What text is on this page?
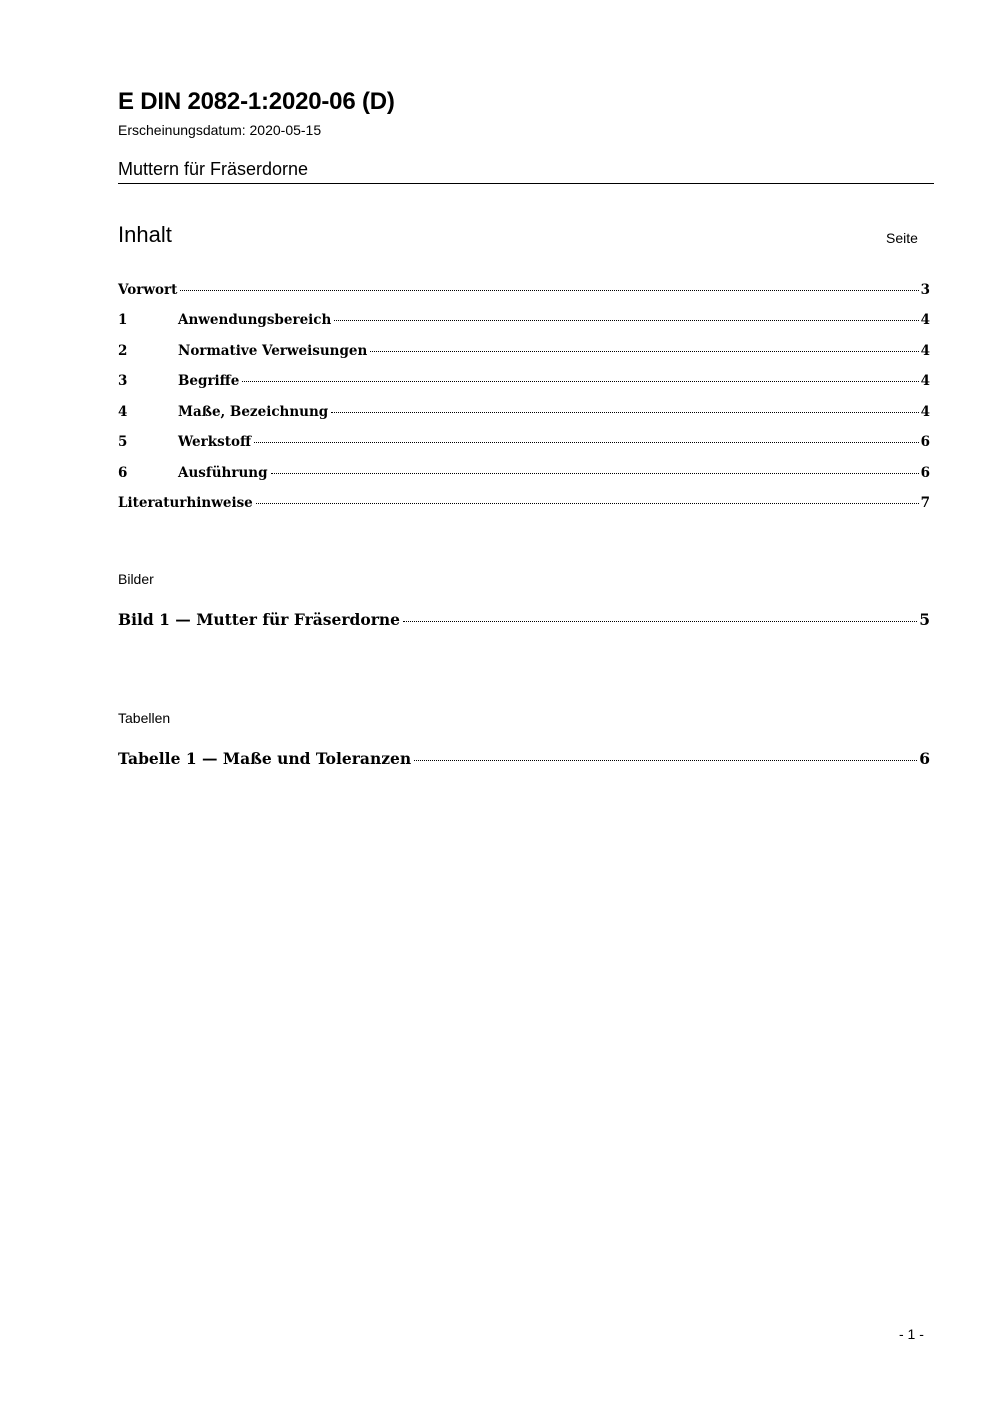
E DIN 2082-1:2020-06 (D)
Erscheinungsdatum: 2020-05-15
Muttern für Fräserdorne
Inhalt	Seite
Vorwort	3
1	Anwendungsbereich	4
2	Normative Verweisungen	4
3	Begriffe	4
4	Maße, Bezeichnung	4
5	Werkstoff	6
6	Ausführung	6
Literaturhinweise	7
Bilder
Bild 1 — Mutter für Fräserdorne	5
Tabellen
Tabelle 1 — Maße und Toleranzen	6
- 1 -
